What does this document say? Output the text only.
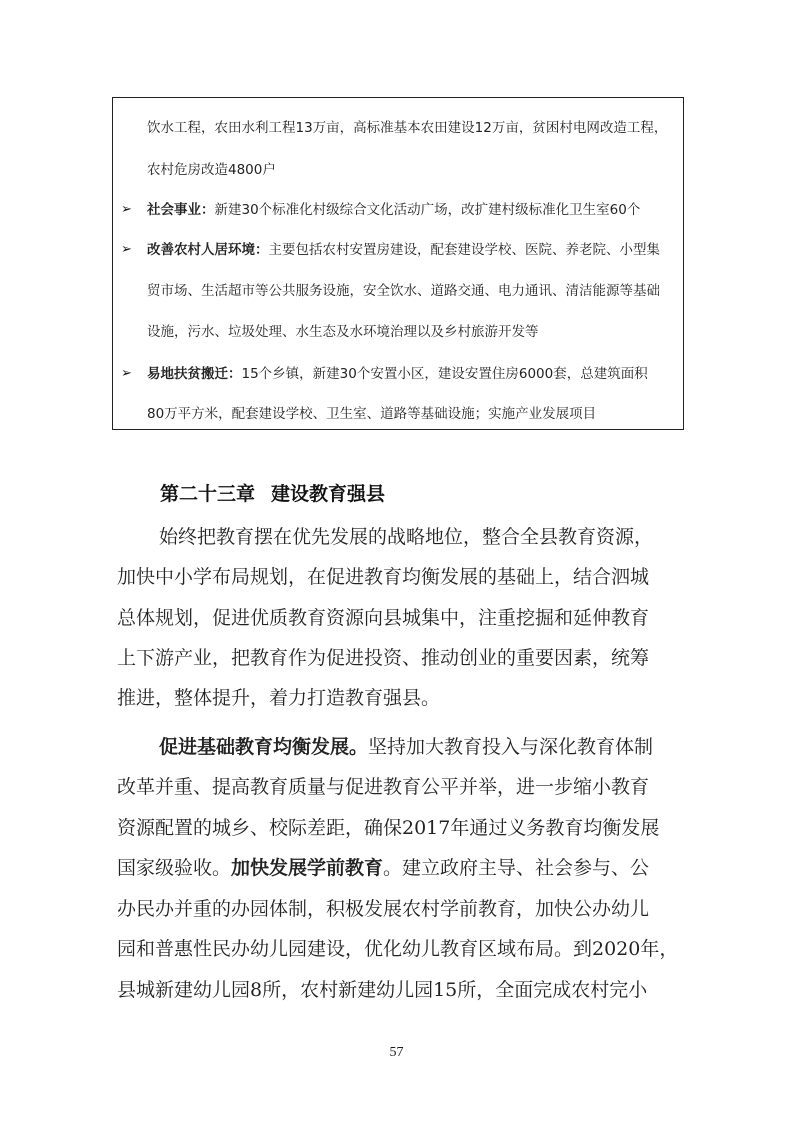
饮水工程，农田水利工程13万亩，高标准基本农田建设12万亩，贫困村电网改造工程，
农村危房改造4800户
➢ 社会事业：新建30个标准化村级综合文化活动广场，改扩建村级标准化卫生室60个
➢ 改善农村人居环境：主要包括农村安置房建设，配套建设学校、医院、养老院、小型集
贸市场、生活超市等公共服务设施，安全饮水、道路交通、电力通讯、清洁能源等基础
设施，污水、垃圾处理、水生态及水环境治理以及乡村旅游开发等
➢ 易地扶贫搬迁：15个乡镇，新建30个安置小区，建设安置住房6000套，总建筑面积
80万平方米，配套建设学校、卫生室、道路等基础设施；实施产业发展项目
第二十三章 建设教育强县
始终把教育摆在优先发展的战略地位，整合全县教育资源，
加快中小学布局规划，在促进教育均衡发展的基础上，结合泗城
总体规划，促进优质教育资源向县城集中，注重挖掘和延伸教育
上下游产业，把教育作为促进投资、推动创业的重要因素，统筹
推进，整体提升，着力打造教育强县。
促进基础教育均衡发展。坚持加大教育投入与深化教育体制
改革并重、提高教育质量与促进教育公平并举，进一步缩小教育
资源配置的城乡、校际差距，确保2017年通过义务教育均衡发展
国家级验收。加快发展学前教育。建立政府主导、社会参与、公
办民办并重的办园体制，积极发展农村学前教育，加快公办幼儿
园和普惠性民办幼儿园建设，优化幼儿教育区域布局。到2020年，
县城新建幼儿园8所，农村新建幼儿园15所，全面完成农村完小
57
